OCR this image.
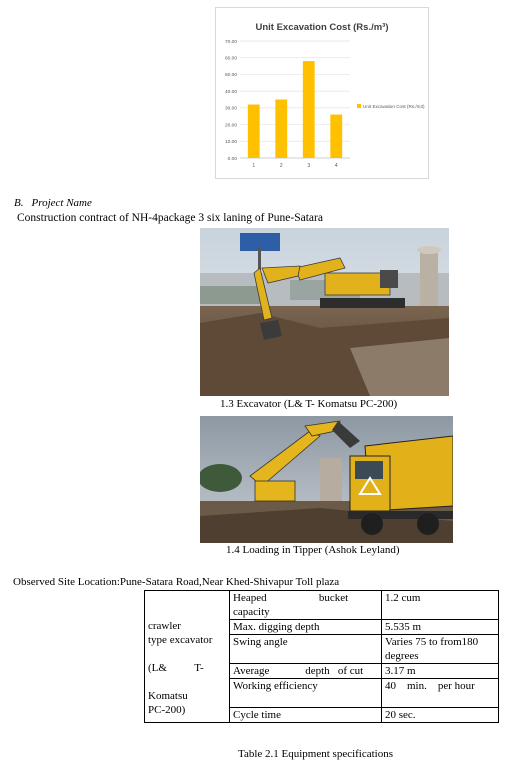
Unit Excavation Cost (Rs./m³)
0.00
10.00
20.00
30.00
40.00
50.00
60.00
70.00
1	2	3	4
Unit Excavation Cost (Rs./m3)
B. Project Name
Construction contract of NH-4package 3 six laning of Pune-Satara
1.3 Excavator (L& T- Komatsu PC-200)
1.4 Loading in Tipper (Ashok Leyland)
Observed Site Location:Pune-Satara Road,Near Khed-Shivapur Toll plaza
crawler
type excavator
(L&          T-
Komatsu
PC-200)	Heaped                   bucket capacity	1.2 cum
	Max. digging depth	5.535 m
	Swing angle	Varies 75 to from180 degrees
	Average             depth   of cut	3.17 m
	Working efficiency	40    min.    per hour
	Cycle time	20 sec.
Table 2.1 Equipment specifications
